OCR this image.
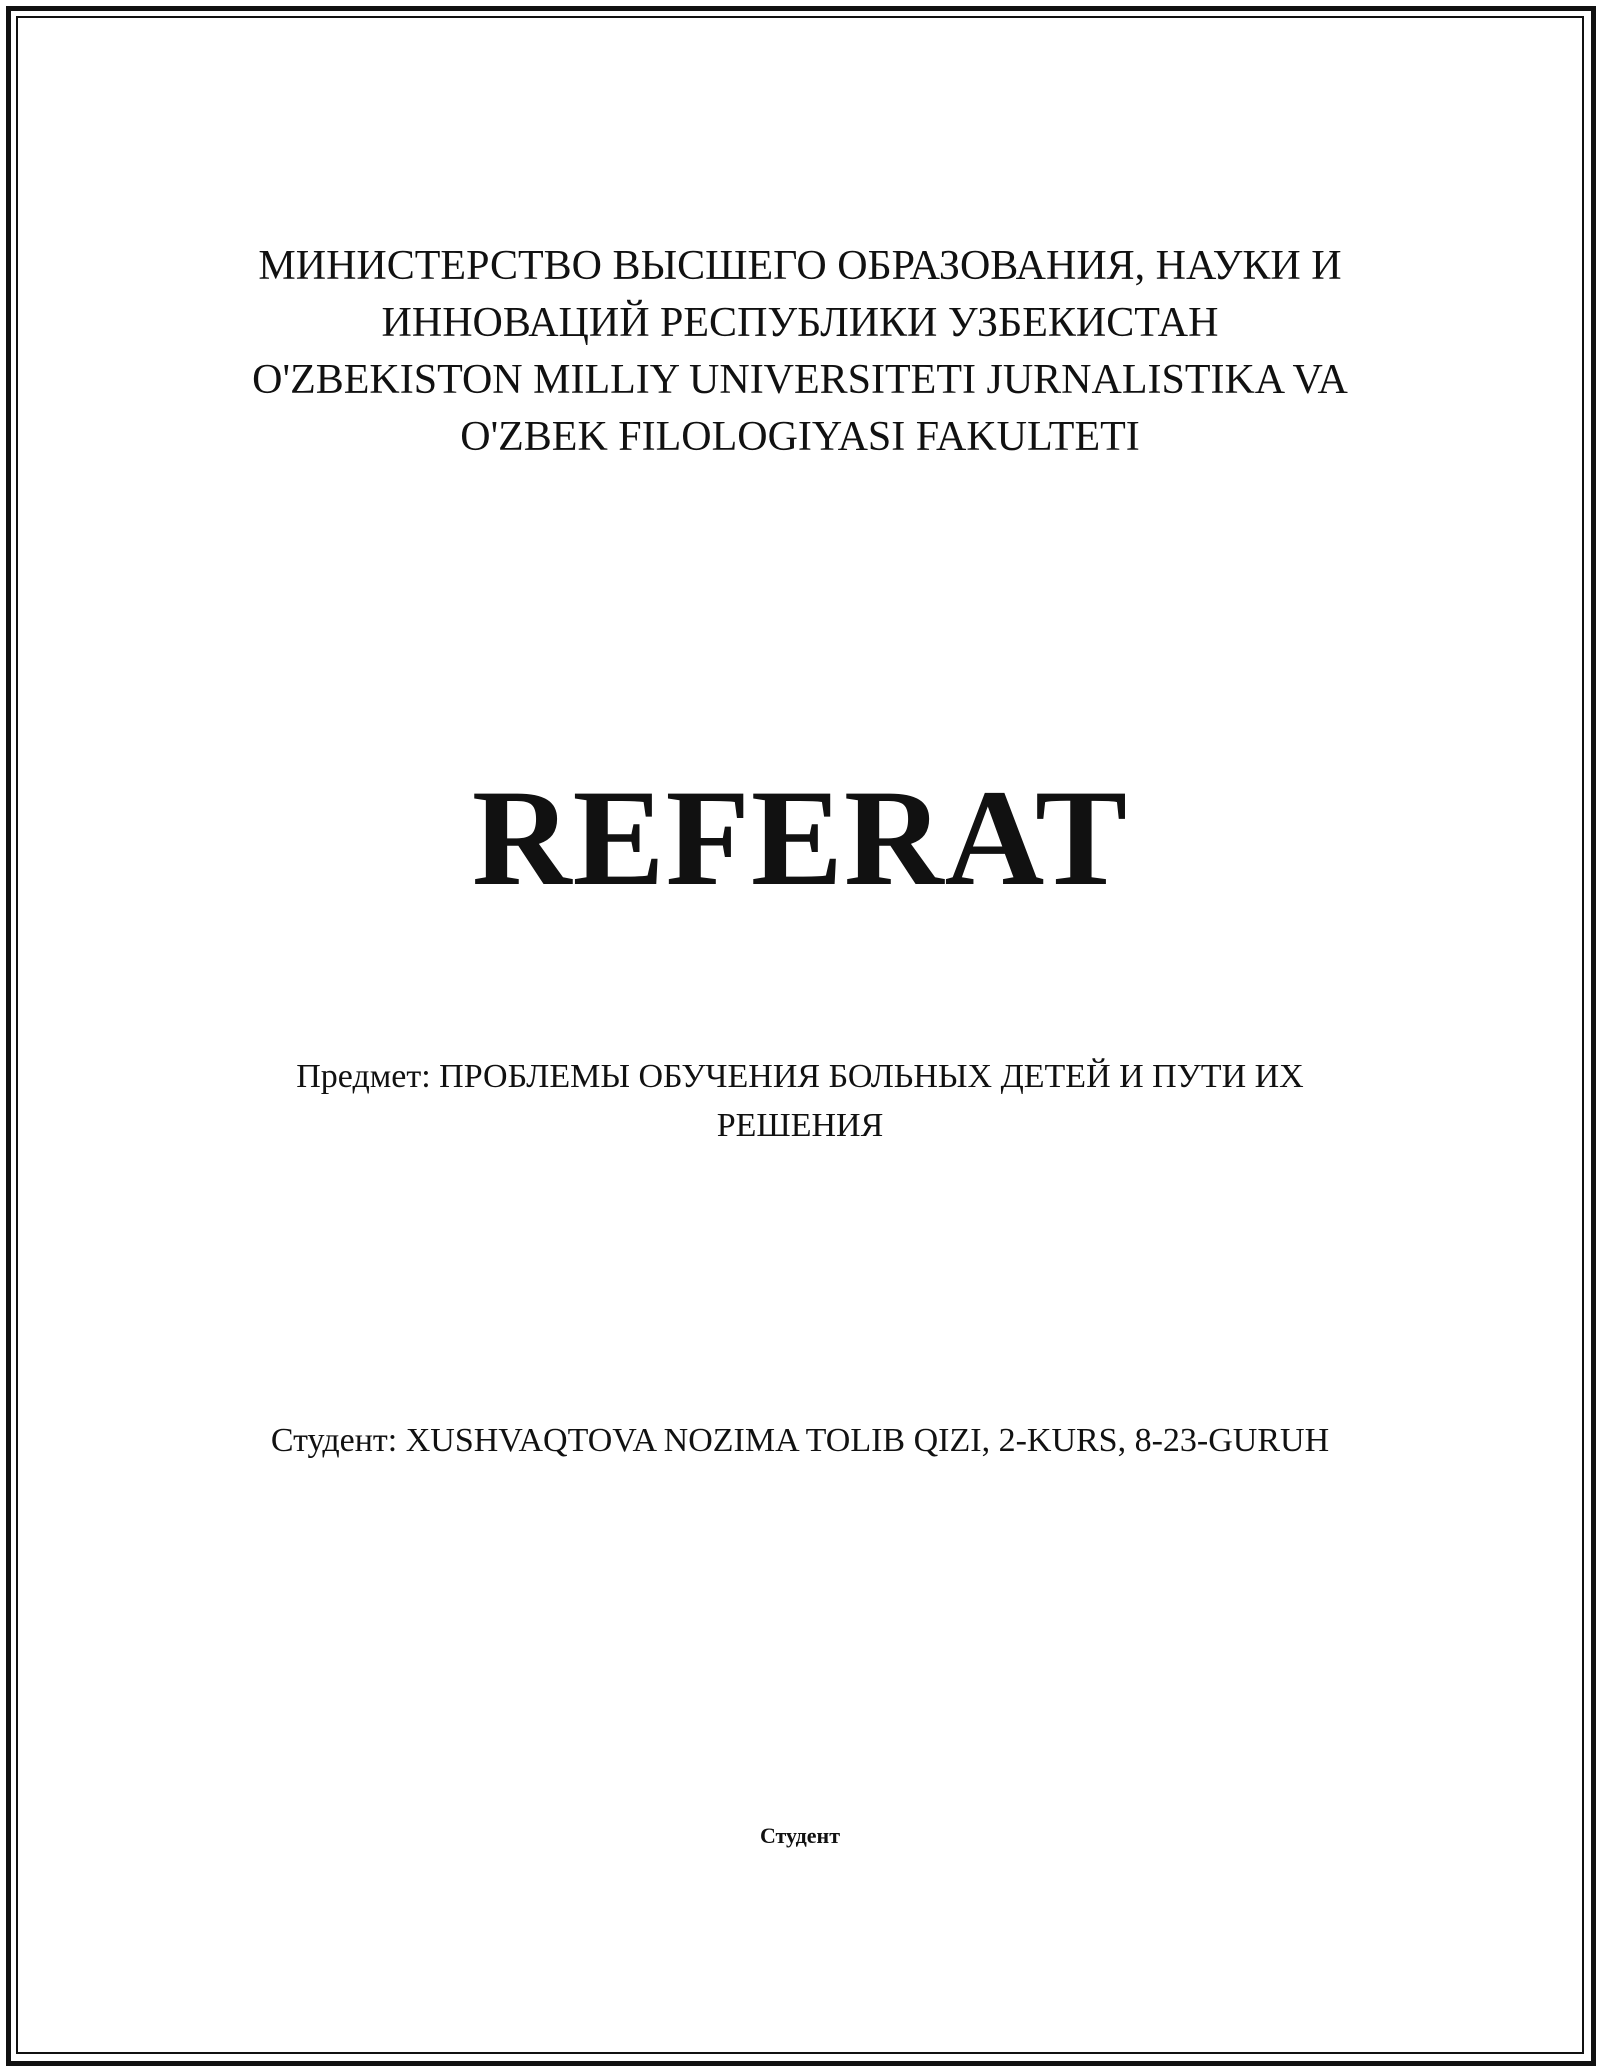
МИНИСТЕРСТВО ВЫСШЕГО ОБРАЗОВАНИЯ, НАУКИ И
ИННОВАЦИЙ РЕСПУБЛИКИ УЗБЕКИСТАН
O'ZBEKISTON MILLIY UNIVERSITETI JURNALISTIKA VA
O'ZBEK FILOLOGIYASI FAKULTETI
REFERAT
Предмет: ПРОБЛЕМЫ ОБУЧЕНИЯ БОЛЬНЫХ ДЕТЕЙ И ПУТИ ИХ РЕШЕНИЯ
Студент: XUSHVAQTOVA NOZIMA TOLIB QIZI, 2-KURS, 8-23-GURUH
Студент
